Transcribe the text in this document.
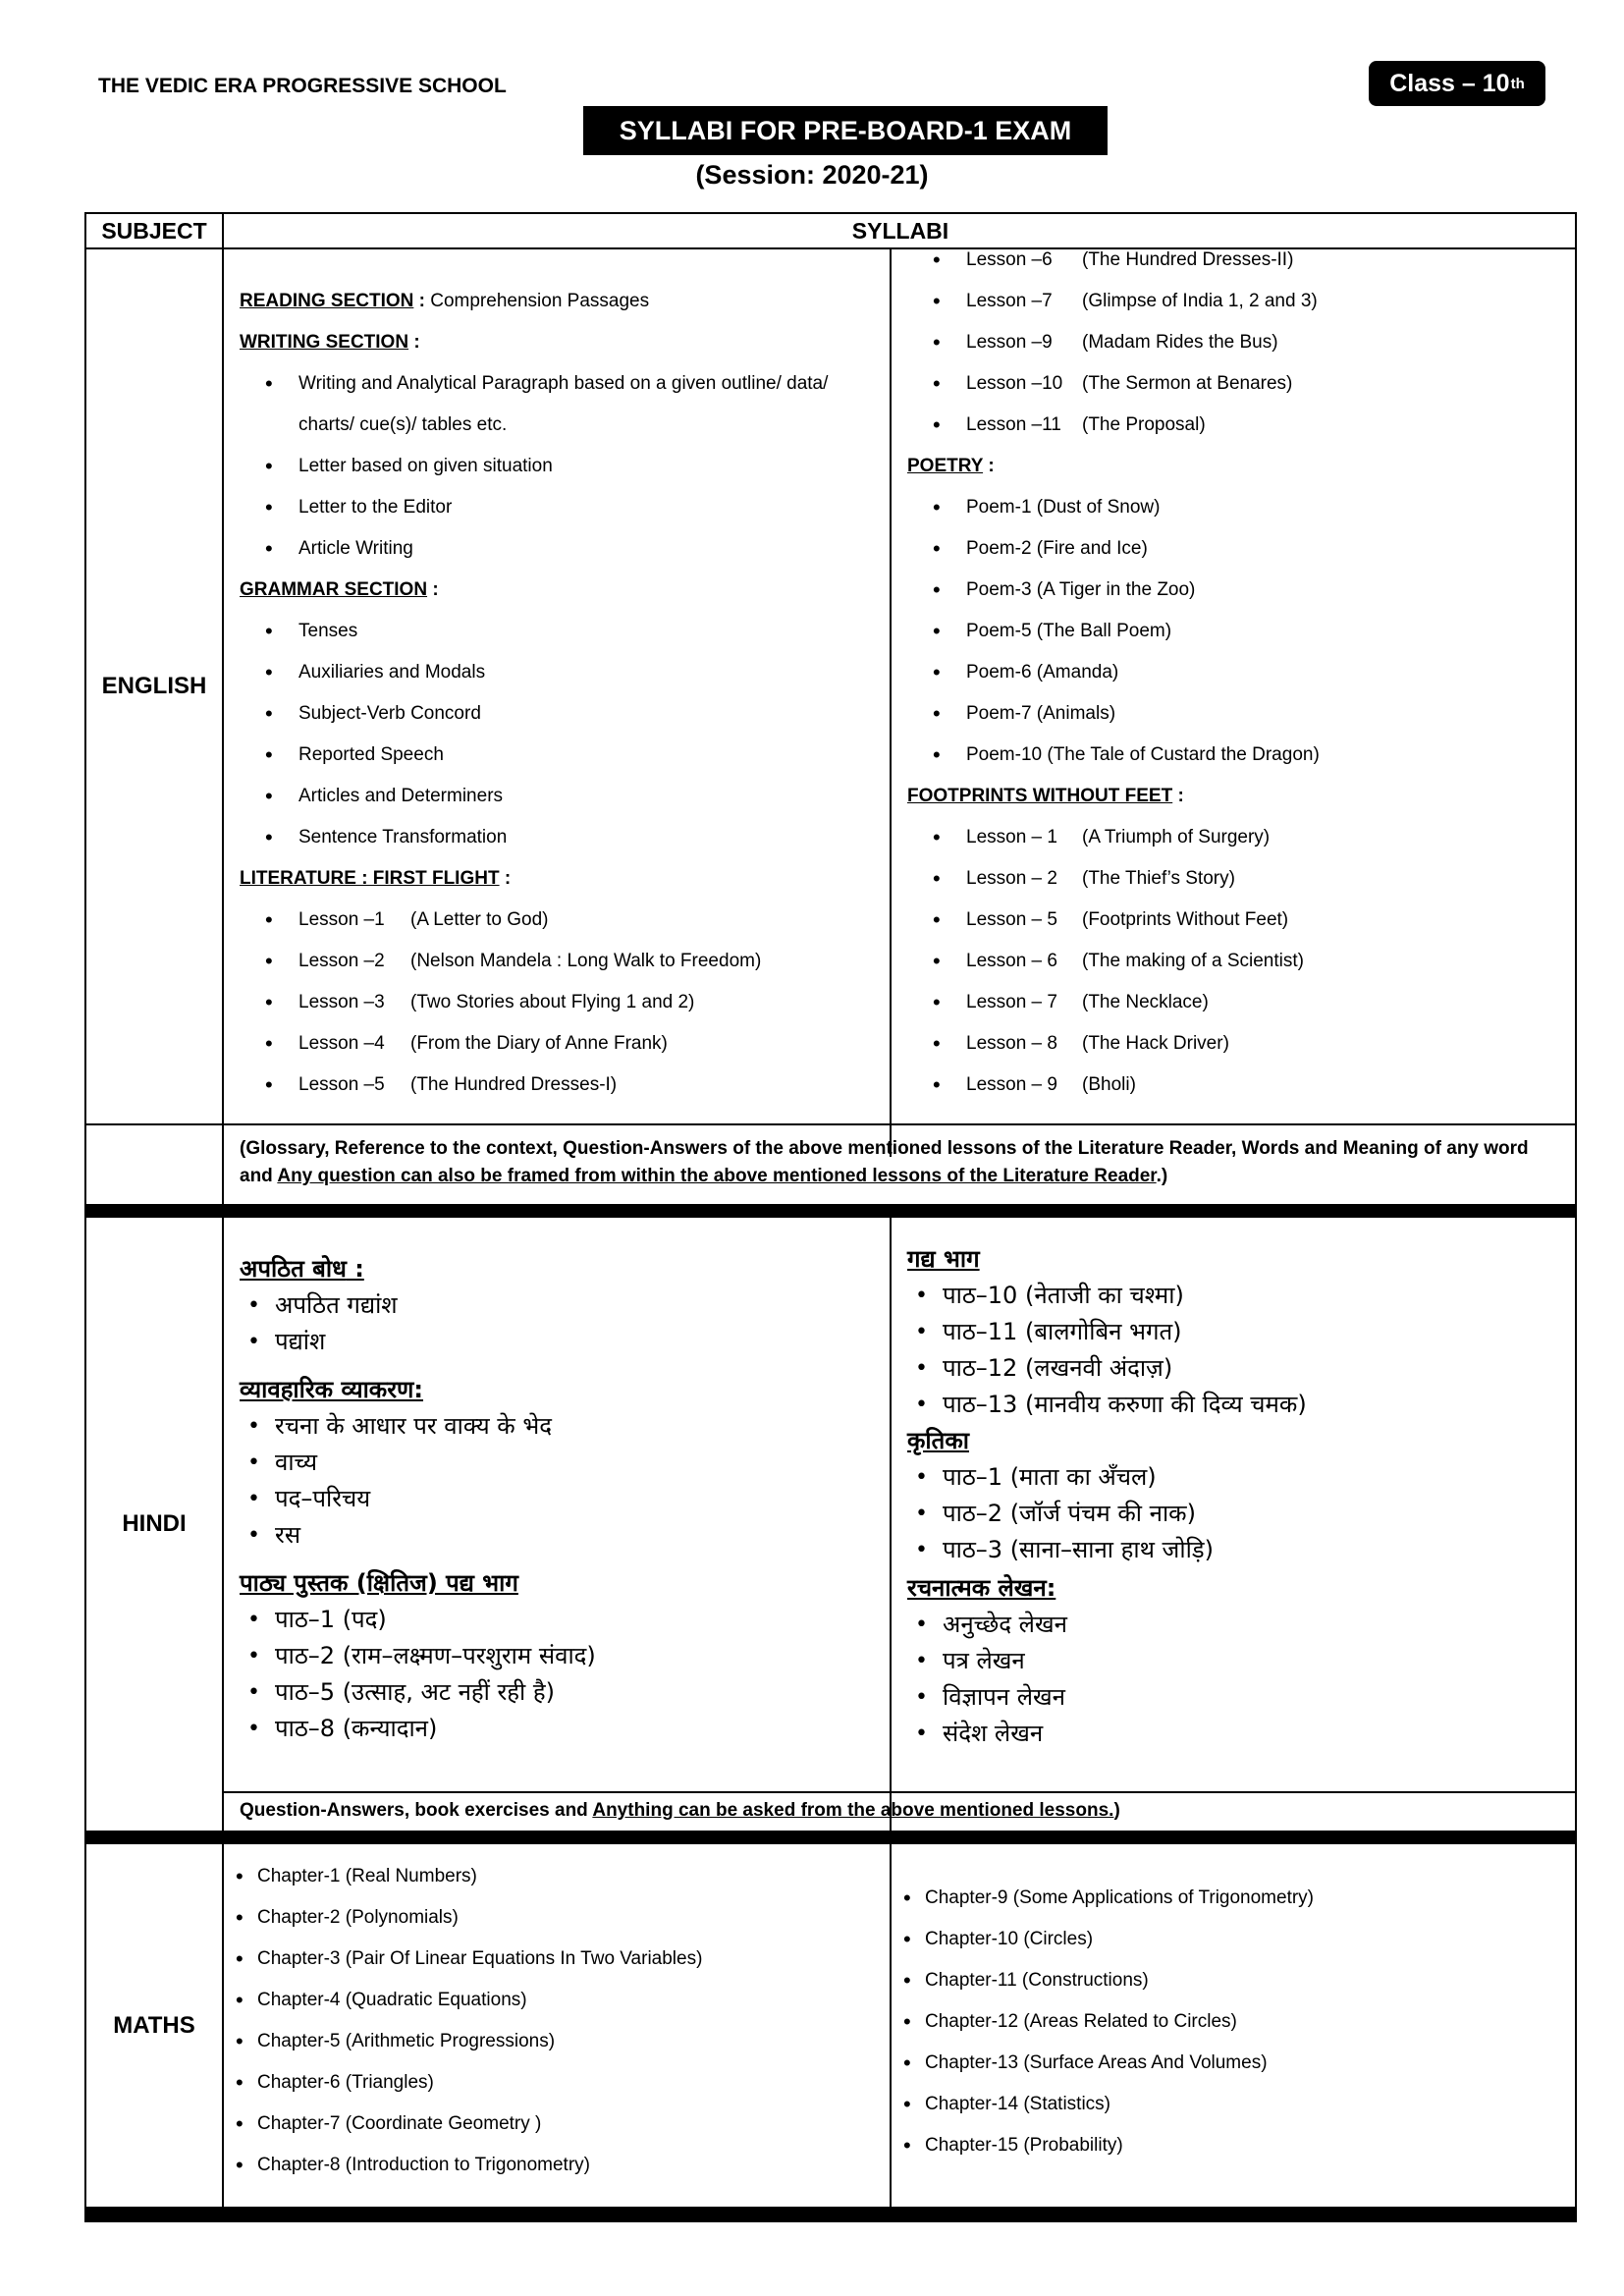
THE VEDIC ERA PROGRESSIVE SCHOOL	Class – 10 th
SYLLABI FOR PRE-BOARD-1 EXAM
(Session: 2020-21)
SUBJECT	SYLLABI
ENGLISH
READING SECTION : Comprehension Passages
WRITING SECTION :
• Writing and Analytical Paragraph based on a given outline/ data/
charts/ cue(s)/ tables etc.
• Letter based on given situation
• Letter to the Editor
• Article Writing
GRAMMAR SECTION :
• Tenses
• Auxiliaries and Modals
• Subject-Verb Concord
• Reported Speech
• Articles and Determiners
• Sentence Transformation
LITERATURE : FIRST FLIGHT :
• Lesson –1 (A Letter to God)
• Lesson –2 (Nelson Mandela : Long Walk to Freedom)
• Lesson –3 (Two Stories about Flying 1 and 2)
• Lesson –4 (From the Diary of Anne Frank)
• Lesson –5 (The Hundred Dresses-I)
• Lesson –6 (The Hundred Dresses-II)
• Lesson –7 (Glimpse of India 1, 2 and 3)
• Lesson –9 (Madam Rides the Bus)
• Lesson –10 (The Sermon at Benares)
• Lesson –11 (The Proposal)
POETRY :
• Poem-1 (Dust of Snow)
• Poem-2 (Fire and Ice)
• Poem-3 (A Tiger in the Zoo)
• Poem-5 (The Ball Poem)
• Poem-6 (Amanda)
• Poem-7 (Animals)
• Poem-10 (The Tale of Custard the Dragon)
FOOTPRINTS WITHOUT FEET :
• Lesson – 1 (A Triumph of Surgery)
• Lesson – 2 (The Thief’s Story)
• Lesson – 5 (Footprints Without Feet)
• Lesson – 6 (The making of a Scientist)
• Lesson – 7 (The Necklace)
• Lesson – 8 (The Hack Driver)
• Lesson – 9 (Bholi)
(Glossary, Reference to the context, Question-Answers of the above mentioned lessons of the Literature Reader, Words and Meaning of any word and Any question can also be framed from within the above mentioned lessons of the Literature Reader.)
HINDI
अपठित बोध :
• अपठित गद्यांश
• पद्यांश
व्यावहारिक व्याकरण:
• रचना के आधार पर वाक्य के भेद
• वाच्य
• पद–परिचय
• रस
पाठ्य पुस्तक (क्षितिज) पद्य भाग
• पाठ–1 (पद)
• पाठ–2 (राम–लक्ष्मण–परशुराम संवाद)
• पाठ–5 (उत्साह, अट नहीं रही है)
• पाठ–8 (कन्यादान)
गद्य भाग
• पाठ–10 (नेताजी का चश्मा)
• पाठ–11 (बालगोबिन भगत)
• पाठ–12 (लखनवी अंदाज़)
• पाठ–13 (मानवीय करुणा की दिव्य चमक)
कृतिका
• पाठ–1 (माता का अँचल)
• पाठ–2 (जॉर्ज पंचम की नाक)
• पाठ–3 (साना–साना हाथ जोड़ि)
रचनात्मक लेखन:
• अनुच्छेद लेखन
• पत्र लेखन
• विज्ञापन लेखन
• संदेश लेखन
Question-Answers, book exercises and Anything can be asked from the above mentioned lessons.)
MATHS
• Chapter-1 (Real Numbers)
• Chapter-2 (Polynomials)
• Chapter-3 (Pair Of Linear Equations In Two Variables)
• Chapter-4 (Quadratic Equations)
• Chapter-5 (Arithmetic Progressions)
• Chapter-6 (Triangles)
• Chapter-7 (Coordinate Geometry )
• Chapter-8 (Introduction to Trigonometry)
• Chapter-9 (Some Applications of Trigonometry)
• Chapter-10 (Circles)
• Chapter-11 (Constructions)
• Chapter-12 (Areas Related to Circles)
• Chapter-13 (Surface Areas And Volumes)
• Chapter-14 (Statistics)
• Chapter-15 (Probability)
